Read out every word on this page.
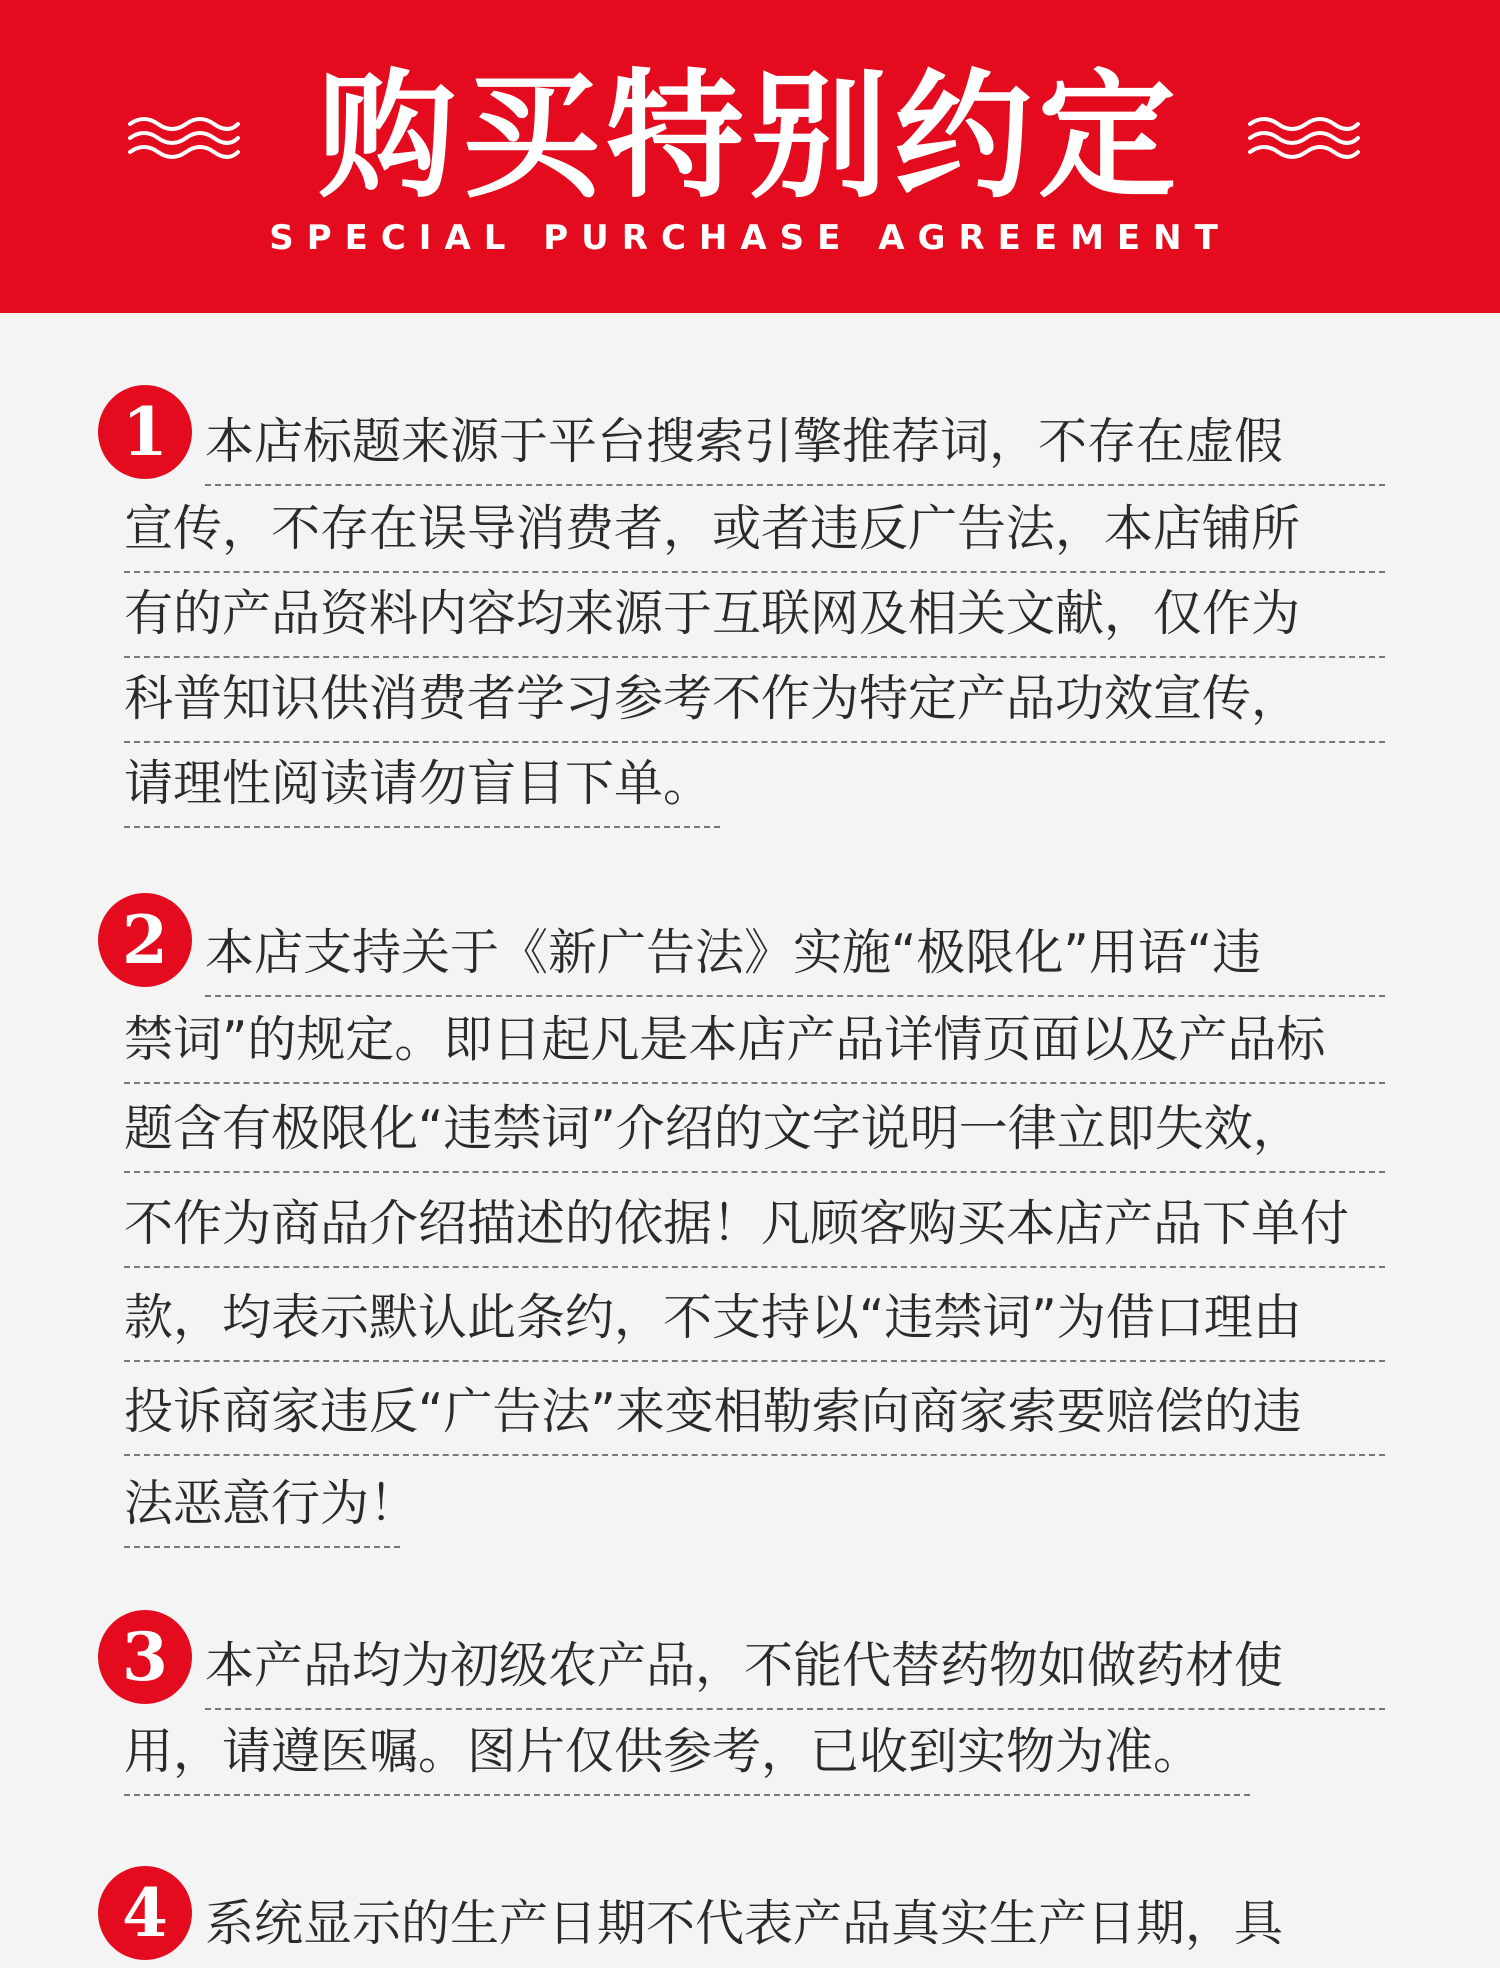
购买特别约定
SPECIAL PURCHASE AGREEMENT
1 本店标题来源于平台搜索引擎推荐词，不存在虚假
宣传，不存在误导消费者，或者违反广告法，本店铺所
有的产品资料内容均来源于互联网及相关文献，仅作为
科普知识供消费者学习参考不作为特定产品功效宣传，
请理性阅读请勿盲目下单。
2 本店支持关于《新广告法》实施“极限化”用语“违
禁词”的规定。即日起凡是本店产品详情页面以及产品标
题含有极限化“违禁词”介绍的文字说明一律立即失效，
不作为商品介绍描述的依据！凡顾客购买本店产品下单付
款，均表示默认此条约，不支持以“违禁词”为借口理由
投诉商家违反“广告法”来变相勒索向商家索要赔偿的违
法恶意行为！
3 本产品均为初级农产品，不能代替药物如做药材使
用，请遵医嘱。图片仅供参考，已收到实物为准。
4 系统显示的生产日期不代表产品真实生产日期，具
